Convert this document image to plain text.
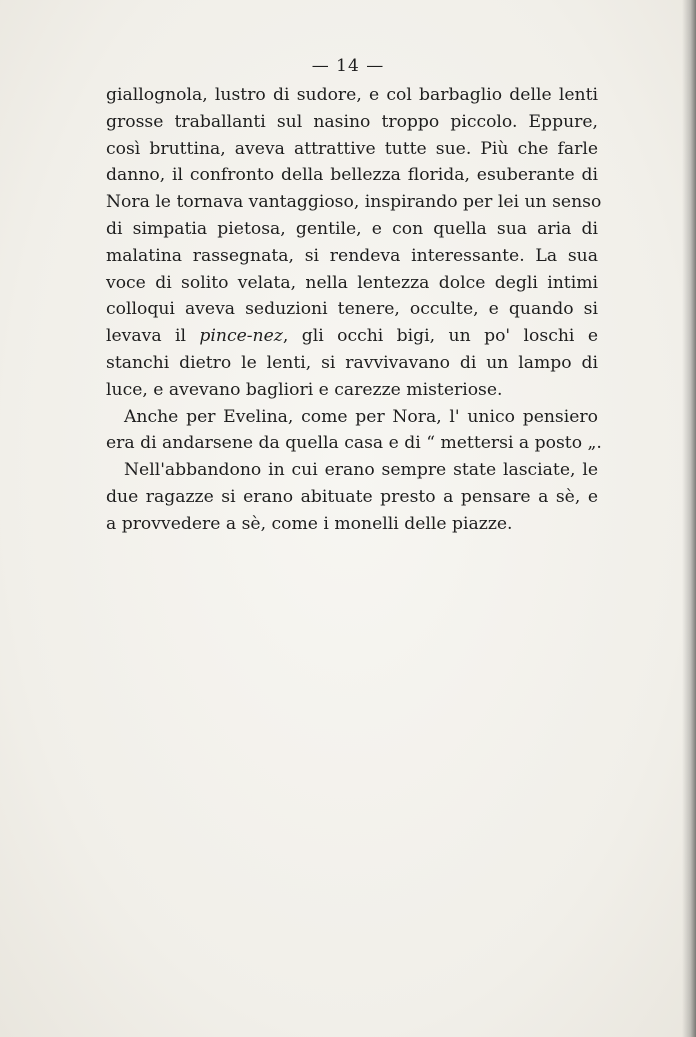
— 14 —
giallognola, lustro di sudore, e col barbaglio delle lenti
grosse traballanti sul nasino troppo piccolo. Eppure,
così bruttina, aveva attrattive tutte sue. Più che farle
danno, il confronto della bellezza florida, esuberante di
Nora le tornava vantaggioso, inspirando per lei un senso
di simpatia pietosa, gentile, e con quella sua aria di
malatina rassegnata, si rendeva interessante. La sua
voce di solito velata, nella lentezza dolce degli intimi
colloqui aveva seduzioni tenere, occulte, e quando si
levava il pince-nez, gli occhi bigi, un po' loschi e
stanchi dietro le lenti, si ravvivavano di un lampo di
luce, e avevano bagliori e carezze misteriose.
Anche per Evelina, come per Nora, l' unico pensiero
era di andarsene da quella casa e di “ mettersi a posto „.
Nell'abbandono in cui erano sempre state lasciate, le
due ragazze si erano abituate presto a pensare a sè, e
a provvedere a sè, come i monelli delle piazze.
